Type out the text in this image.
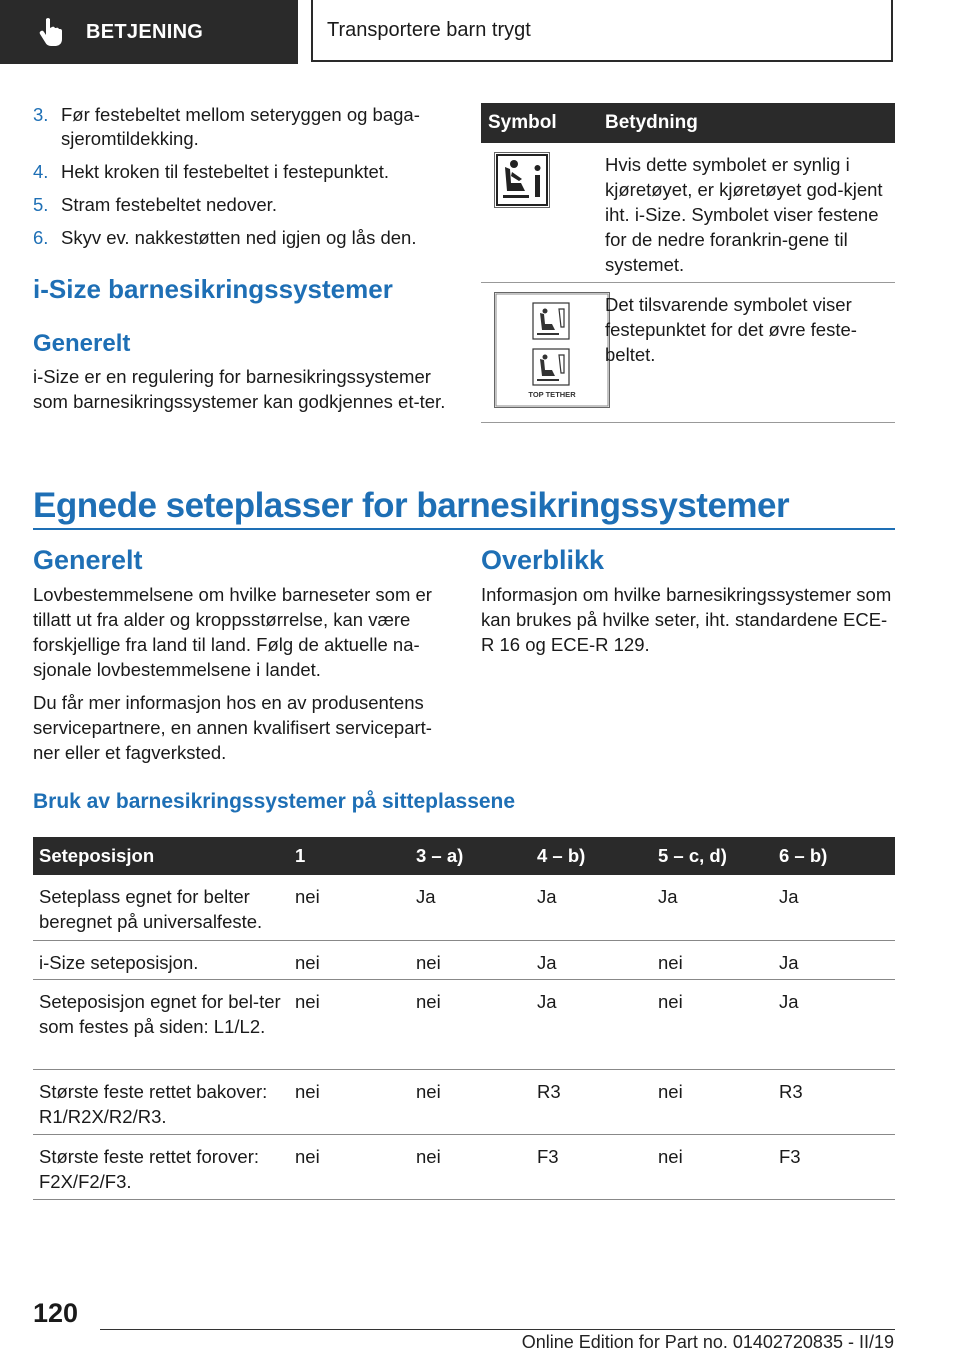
BETJENING	Transportere barn trygt
3. Før festebeltet mellom seteryggen og baga-sjeromtildekking.
4. Hekt kroken til festebeltet i festepunktet.
5. Stram festebeltet nedover.
6. Skyv ev. nakkestøtten ned igjen og lås den.
i-Size barnesikringssystemer
Generelt

i-Size er en regulering for barnesikringssystemer som barnesikringssystemer kan godkjennes et-ter.

Symbol	Betydning
Hvis dette symbolet er synlig i kjøretøyet, er kjøretøyet god-kjent iht. i-Size. Symbolet viser festene for de nedre forankrin-gene til systemet.
TOP TETHER
Det tilsvarende symbolet viser festepunktet for det øvre feste-beltet.
Egnede seteplasser for barnesikringssystemer
Generelt

Lovbestemmelsene om hvilke barneseter som er tillatt ut fra alder og kroppsstørrelse, kan være forskjellige fra land til land. Følg de aktuelle na-sjonale lovbestemmelsene i landet.

Du får mer informasjon hos en av produsentens servicepartnere, en annen kvalifisert servicepart-ner eller et fagverksted.

Overblikk

Informasjon om hvilke barnesikringssystemer som kan brukes på hvilke seter, iht. standardene ECE-R 16 og ECE-R 129.

Bruk av barnesikringssystemer på sitteplassene
Seteposisjon	1	3 – a)	4 – b)	5 – c, d)	6 – b)
Seteplass egnet for belter beregnet på universalfeste.	nei	Ja	Ja	Ja	Ja
i-Size seteposisjon.	nei	nei	Ja	nei	Ja
Seteposisjon egnet for bel-ter som festes på siden: L1/L2.	nei	nei	Ja	nei	Ja
Største feste rettet bakover: R1/R2X/R2/R3.	nei	nei	R3	nei	R3
Største feste rettet forover: F2X/F2/F3.	nei	nei	F3	nei	F3
120
Online Edition for Part no. 01402720835 - II/19
